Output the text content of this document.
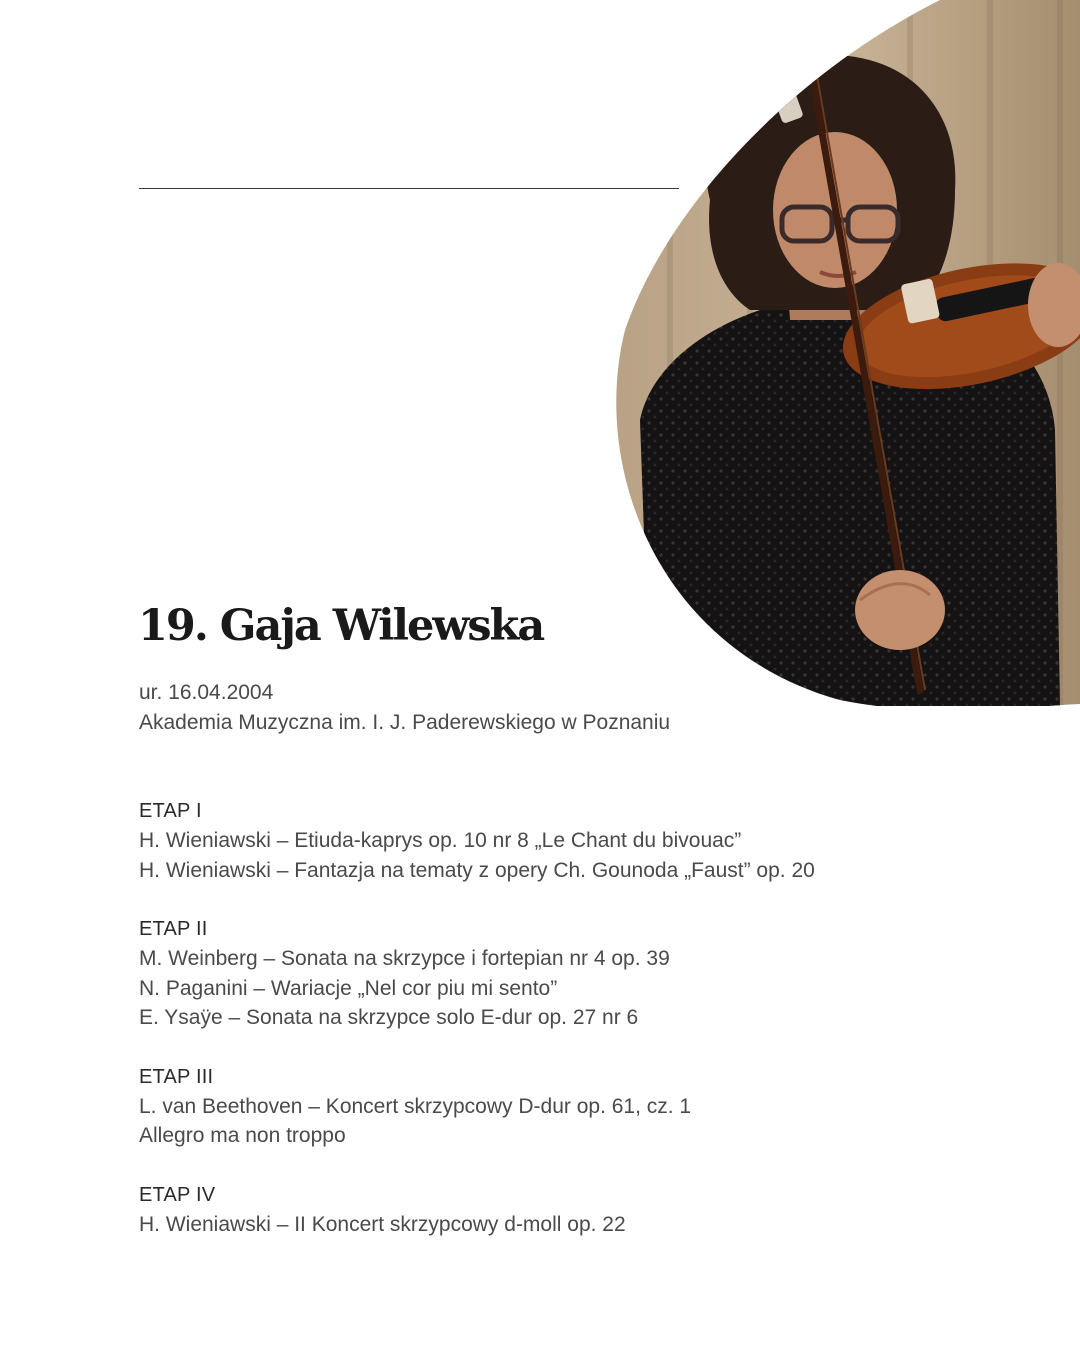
19. Gaja Wilewska
ur. 16.04.2004
Akademia Muzyczna im. I. J. Paderewskiego w Poznaniu
ETAP I
H. Wieniawski – Etiuda-kaprys op. 10 nr 8 „Le Chant du bivouac”
H. Wieniawski – Fantazja na tematy z opery Ch. Gounoda „Faust” op. 20
ETAP II
M. Weinberg – Sonata na skrzypce i fortepian nr 4 op. 39
N. Paganini – Wariacje „Nel cor piu mi sento”
E. Ysaÿe – Sonata na skrzypce solo E-dur op. 27 nr 6
ETAP III
L. van Beethoven – Koncert skrzypcowy D-dur op. 61, cz. 1
Allegro ma non troppo
ETAP IV
H. Wieniawski – II Koncert skrzypcowy d-moll op. 22
